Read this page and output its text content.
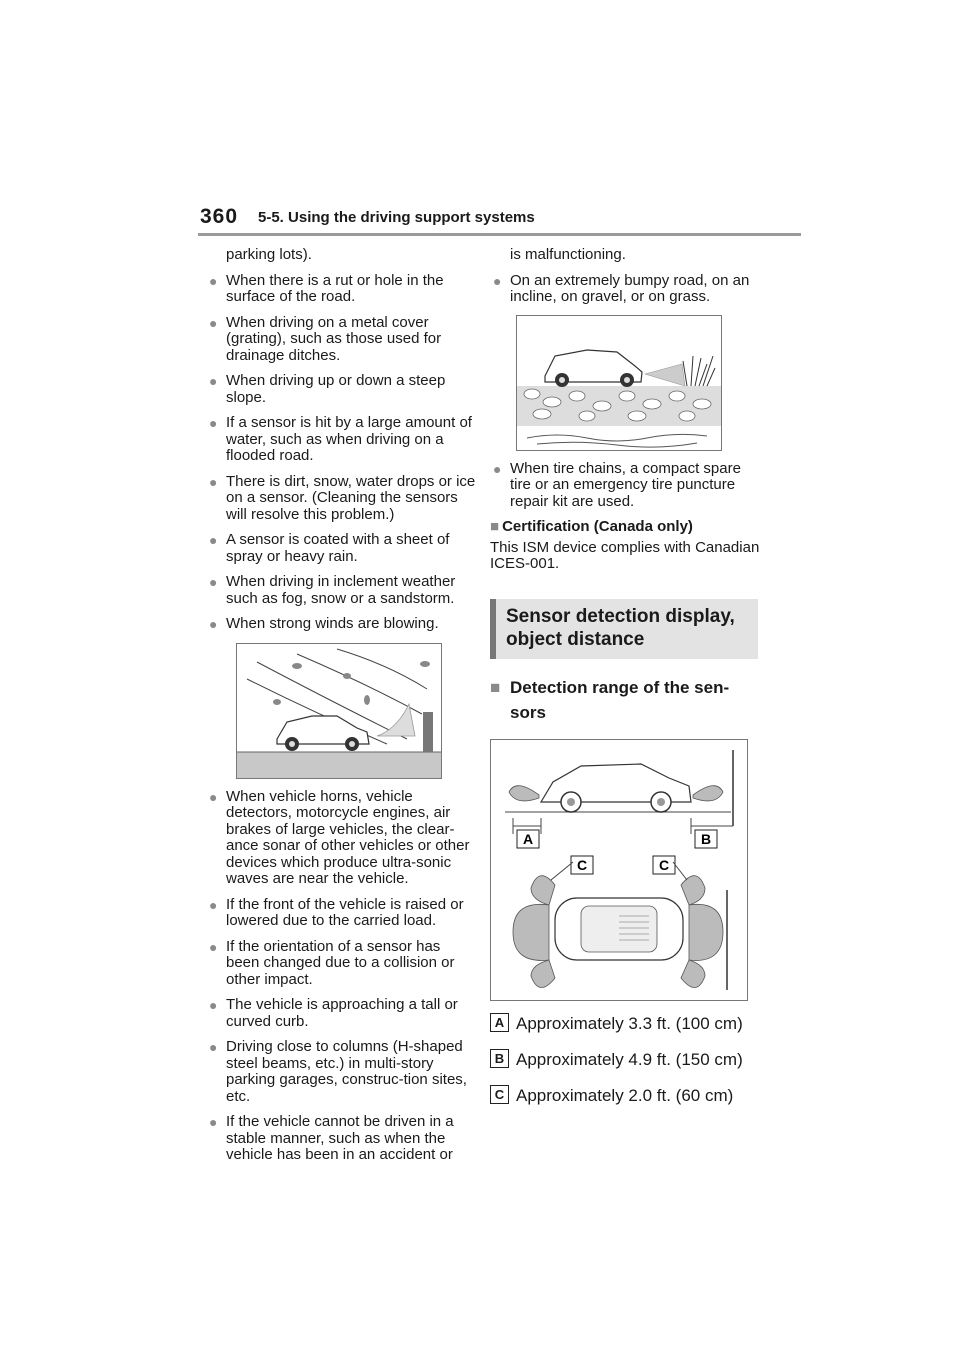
360 5-5. Using the driving support systems
parking lots).
● When there is a rut or hole in the surface of the road.
● When driving on a metal cover (grating), such as those used for drainage ditches.
● When driving up or down a steep slope.
● If a sensor is hit by a large amount of water, such as when driving on a flooded road.
● There is dirt, snow, water drops or ice on a sensor. (Cleaning the sensors will resolve this problem.)
● A sensor is coated with a sheet of spray or heavy rain.
● When driving in inclement weather such as fog, snow or a sandstorm.
● When strong winds are blowing.
● When vehicle horns, vehicle detectors, motorcycle engines, air brakes of large vehicles, the clear-ance sonar of other vehicles or other devices which produce ultra-sonic waves are near the vehicle.
● If the front of the vehicle is raised or lowered due to the carried load.
● If the orientation of a sensor has been changed due to a collision or other impact.
● The vehicle is approaching a tall or curved curb.
● Driving close to columns (H-shaped steel beams, etc.) in multi-story parking garages, construc-tion sites, etc.
● If the vehicle cannot be driven in a stable manner, such as when the vehicle has been in an accident or
is malfunctioning.
● On an extremely bumpy road, on an incline, on gravel, or on grass.
● When tire chains, a compact spare tire or an emergency tire puncture repair kit are used.
■ Certification (Canada only)
This ISM device complies with Canadian ICES-001.
Sensor detection display, object distance
■ Detection range of the sen-sors
A	B
C	C
A Approximately 3.3 ft. (100 cm)
B Approximately 4.9 ft. (150 cm)
C Approximately 2.0 ft. (60 cm)
